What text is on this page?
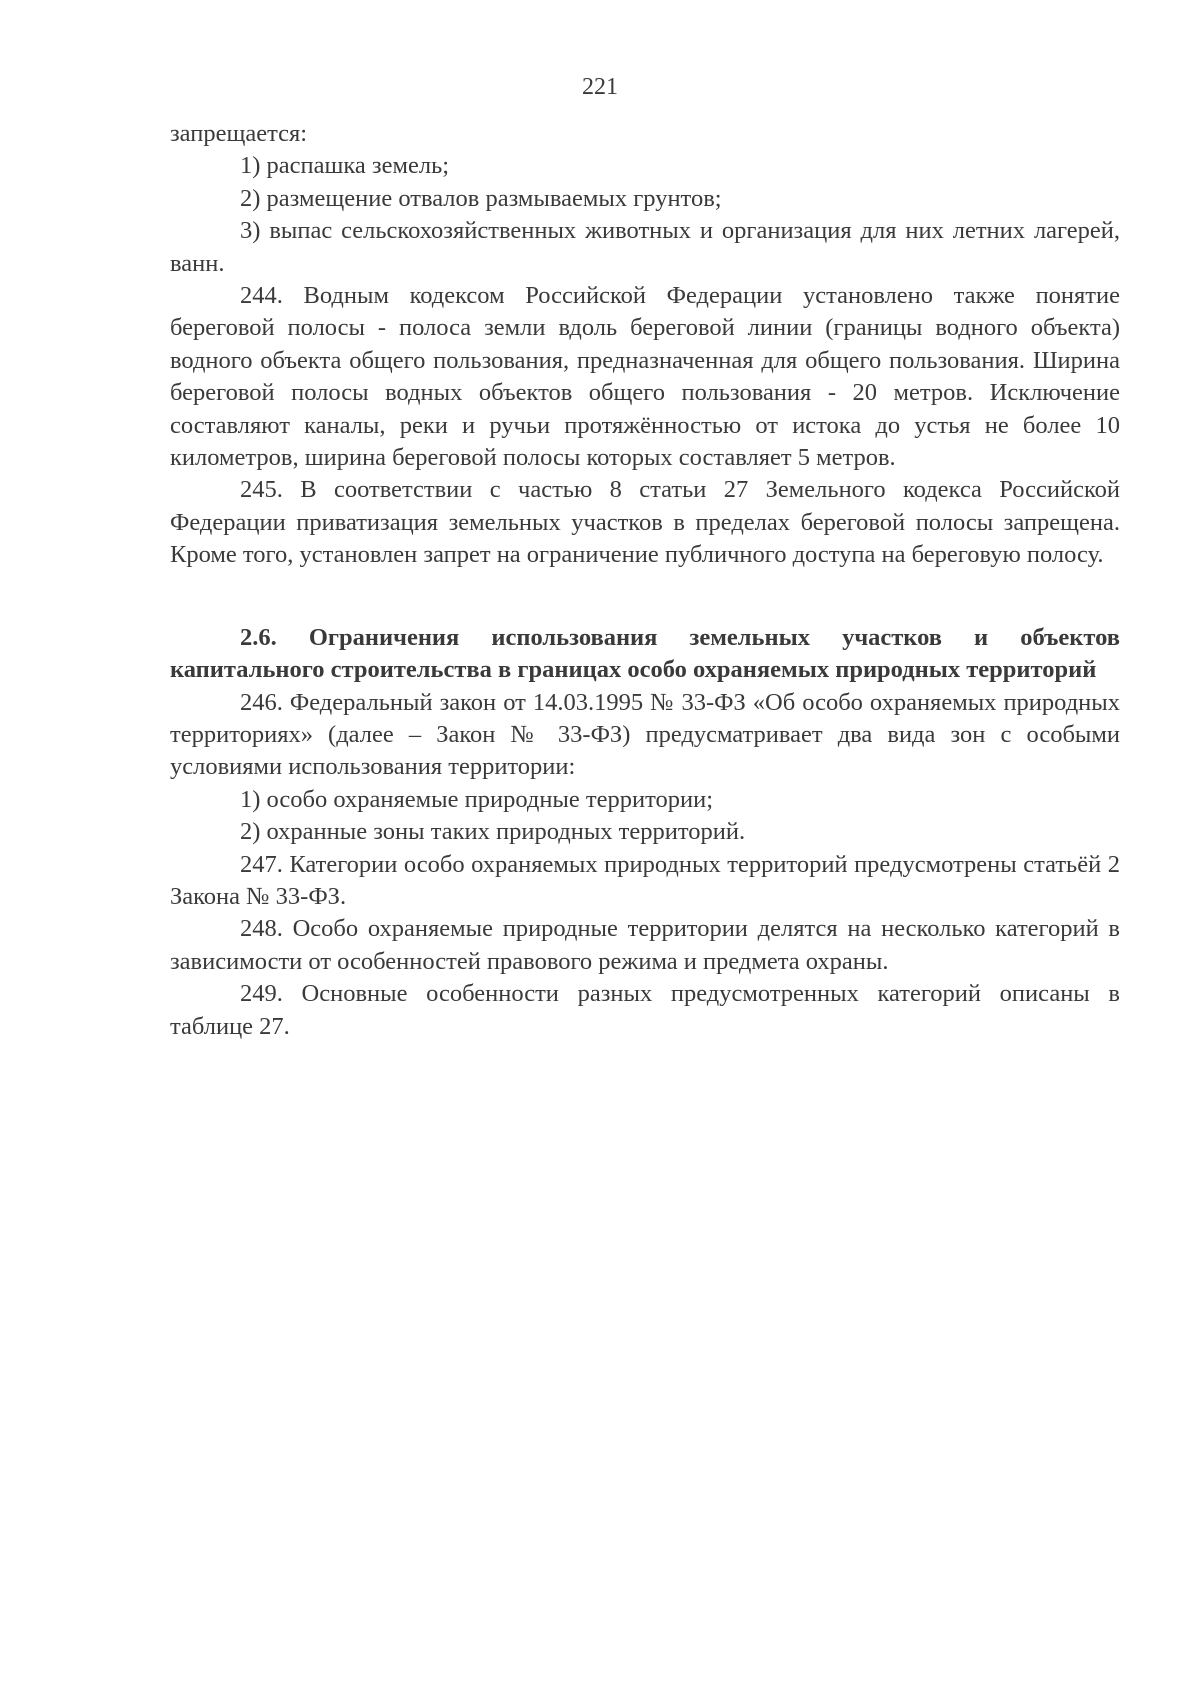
221

запрещается:

1) распашка земель;

2) размещение отвалов размываемых грунтов;

3) выпас сельскохозяйственных животных и организация для них летних лагерей, ванн.

244. Водным кодексом Российской Федерации установлено также понятие береговой полосы - полоса земли вдоль береговой линии (границы водного объекта) водного объекта общего пользования, предназначенная для общего пользования. Ширина береговой полосы водных объектов общего пользования - 20 метров. Исключение составляют каналы, реки и ручьи протяжённостью от истока до устья не более 10 километров, ширина береговой полосы которых составляет 5 метров.

245. В соответствии с частью 8 статьи 27 Земельного кодекса Российской Федерации приватизация земельных участков в пределах береговой полосы запрещена. Кроме того, установлен запрет на ограничение публичного доступа на береговую полосу.

2.6. Ограничения использования земельных участков и объектов капитального строительства в границах особо охраняемых природных территорий

246. Федеральный закон от 14.03.1995 № 33-ФЗ «Об особо охраняемых природных территориях» (далее – Закон № 33-ФЗ) предусматривает два вида зон с особыми условиями использования территории:

1) особо охраняемые природные территории;

2) охранные зоны таких природных территорий.

247. Категории особо охраняемых природных территорий предусмотрены статьёй 2 Закона № 33-ФЗ.

248. Особо охраняемые природные территории делятся на несколько категорий в зависимости от особенностей правового режима и предмета охраны.

249. Основные особенности разных предусмотренных категорий описаны в таблице 27.
